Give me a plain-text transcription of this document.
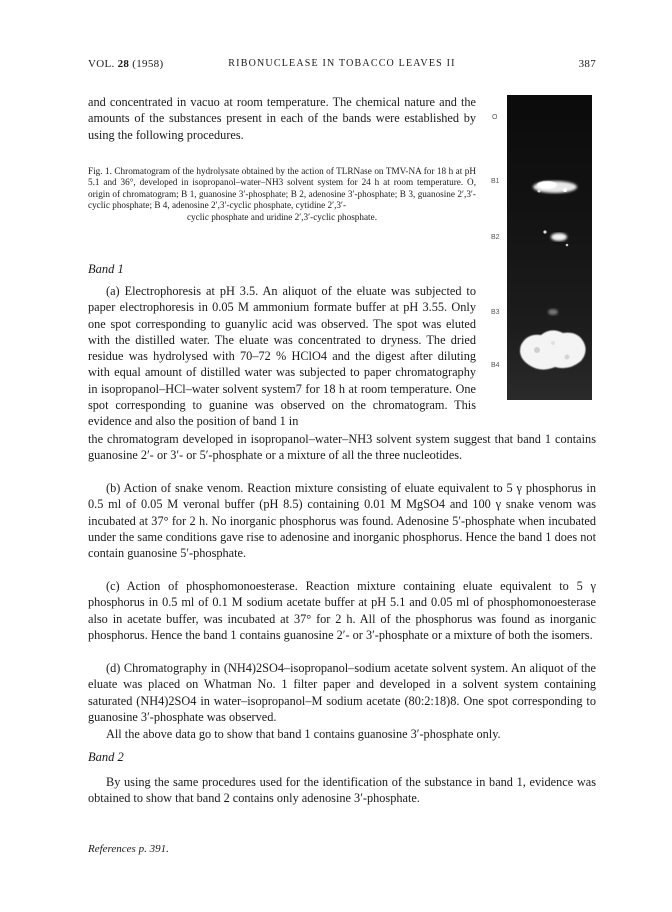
VOL. 28 (1958)	RIBONUCLEASE IN TOBACCO LEAVES II	387

and concentrated in vacuo at room temperature. The chemical nature and the amounts of the substances present in each of the bands were established by using the following procedures.

Fig. 1. Chromatogram of the hydrolysate obtained by the action of TLRNase on TMV-NA for 18 h at pH 5.1 and 36°, developed in isopropanol–water–NH3 solvent system for 24 h at room temperature. O, origin of chromatogram; B 1, guanosine 3′-phosphate; B 2, adenosine 3′-phosphate; B 3, guanosine 2′,3′-cyclic phosphate; B 4, adenosine 2′,3′-cyclic phosphate, cytidine 2′,3′-
cyclic phosphate and uridine 2′,3′-cyclic phosphate.

O
B1
B2
B3
B4

Band 1

(a) Electrophoresis at pH 3.5. An aliquot of the eluate was subjected to paper electrophoresis in 0.05 M ammonium formate buffer at pH 3.55. Only one spot corresponding to guanylic acid was observed. The spot was eluted with the distilled water. The eluate was concentrated to dryness. The dried residue was hydrolysed with 70–72 % HClO4 and the digest after diluting with equal amount of distilled water was subjected to paper chromatography in isopropanol–HCl–water solvent system7 for 18 h at room temperature. One spot corresponding to guanine was observed on the chromatogram. This evidence and also the position of band 1 in

the chromatogram developed in isopropanol–water–NH3 solvent system suggest that band 1 contains guanosine 2′- or 3′- or 5′-phosphate or a mixture of all the three nucleotides.

(b) Action of snake venom. Reaction mixture consisting of eluate equivalent to 5 γ phosphorus in 0.5 ml of 0.05 M veronal buffer (pH 8.5) containing 0.01 M MgSO4 and 100 γ snake venom was incubated at 37° for 2 h. No inorganic phosphorus was found. Adenosine 5′-phosphate when incubated under the same conditions gave rise to adenosine and inorganic phosphorus. Hence the band 1 does not contain guanosine 5′-phosphate.

(c) Action of phosphomonoesterase. Reaction mixture containing eluate equivalent to 5 γ phosphorus in 0.5 ml of 0.1 M sodium acetate buffer at pH 5.1 and 0.05 ml of phosphomonoesterase also in acetate buffer, was incubated at 37° for 2 h. All of the phosphorus was found as inorganic phosphorus. Hence the band 1 contains guanosine 2′- or 3′-phosphate or a mixture of both the isomers.

(d) Chromatography in (NH4)2SO4–isopropanol–sodium acetate solvent system. An aliquot of the eluate was placed on Whatman No. 1 filter paper and developed in a solvent system containing saturated (NH4)2SO4 in water–isopropanol–M sodium acetate (80:2:18)8. One spot corresponding to guanosine 3′-phosphate was observed.

All the above data go to show that band 1 contains guanosine 3′-phosphate only.

Band 2

By using the same procedures used for the identification of the substance in band 1, evidence was obtained to show that band 2 contains only adenosine 3′-phosphate.

References p. 391.
